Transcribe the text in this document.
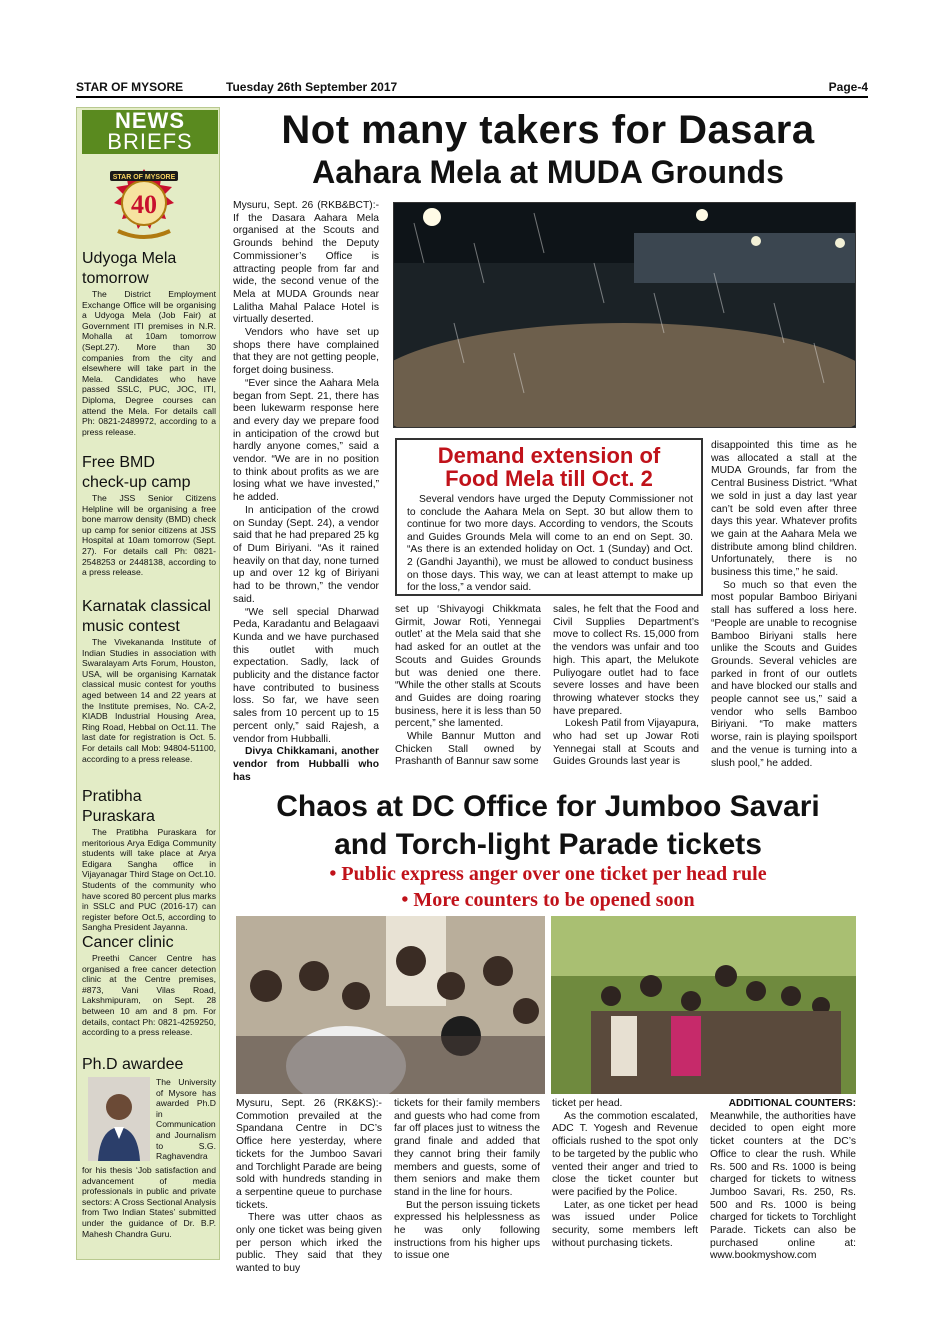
STAR OF MYSORE	Tuesday 26th September 2017	Page-4
NEWS
BRIEFS
STAR OF MYSORE
40
Udyoga Mela tomorrow
The District Employment Exchange Office will be organising a Udyoga Mela (Job Fair) at Government ITI premises in N.R. Mohalla at 10am tomorrow (Sept.27). More than 30 companies from the city and elsewhere will take part in the Mela. Candidates who have passed SSLC, PUC, JOC, ITI, Diploma, Degree courses can attend the Mela. For details call Ph: 0821-2489972, according to a press release.
Free BMD check-up camp
The JSS Senior Citizens Helpline will be organising a free bone marrow density (BMD) check up camp for senior citizens at JSS Hospital at 10am tomorrow (Sept. 27). For details call Ph: 0821-2548253 or 2448138, according to a press release.
Karnatak classical music contest
The Vivekananda Institute of Indian Studies in association with Swaralayam Arts Forum, Houston, USA, will be organising Karnatak classical music contest for youths aged between 14 and 22 years at the Institute premises, No. CA-2, KIADB Industrial Housing Area, Ring Road, Hebbal on Oct.11. The last date for registration is Oct. 5. For details call Mob: 94804-51100, according to a press release.
Pratibha Puraskara
The Pratibha Puraskara for meritorious Arya Ediga Community students will take place at Arya Edigara Sangha office in Vijayanagar Third Stage on Oct.10. Students of the community who have scored 80 percent plus marks in SSLC and PUC (2016-17) can register before Oct.5, according to Sangha President Jayanna.
Cancer clinic
Preethi Cancer Centre has organised a free cancer detection clinic at the Centre premises, #873, Vani Vilas Road, Lakshmipuram, on Sept. 28 between 10 am and 8 pm. For details, contact Ph: 0821-4259250, according to a press release.
Ph.D awardee
The University of Mysore has awarded Ph.D in Communication and Journalism to S.G. Raghavendra
for his thesis ‘Job satisfaction and advancement of media professionals in public and private sectors: A Cross Sectional Analysis from Two Indian States’ submitted under the guidance of Dr. B.P. Mahesh Chandra Guru.
Not many takers for Dasara
Aahara Mela at MUDA Grounds

Mysuru, Sept. 26 (RKB&BCT):- If the Dasara Aahara Mela organised at the Scouts and Grounds behind the Deputy Commissioner’s Office is attracting people from far and wide, the second venue of the Mela at MUDA Grounds near Lalitha Mahal Palace Hotel is virtually deserted.

Vendors who have set up shops there have complained that they are not getting people, forget doing business.

“Ever since the Aahara Mela began from Sept. 21, there has been lukewarm response here and every day we prepare food in anticipation of the crowd but hardly anyone comes,” said a vendor. “We are in no position to think about profits as we are losing what we have invested,” he added.

In anticipation of the crowd on Sunday (Sept. 24), a vendor said that he had prepared 25 kg of Dum Biriyani. “As it rained heavily on that day, none turned up and over 12 kg of Biriyani had to be thrown,” the vendor said.

“We sell special Dharwad Peda, Karadantu and Belagaavi Kunda and we have purchased this outlet with much expectation. Sadly, lack of publicity and the distance factor have contributed to business loss. So far, we have seen sales from 10 percent up to 15 percent only,” said Rajesh, a vendor from Hubballi.

Divya Chikkamani, another vendor from Hubballi who has

Demand extension of
Food Mela till Oct. 2
Several vendors have urged the Deputy Commissioner not to conclude the Aahara Mela on Sept. 30 but allow them to continue for two more days. According to vendors, the Scouts and Guides Grounds Mela will come to an end on Sept. 30. “As there is an extended holiday on Oct. 1 (Sunday) and Oct. 2 (Gandhi Jayanthi), we must be allowed to conduct business on those days. This way, we can at least attempt to make up for the loss,” a vendor said.

set up ‘Shivayogi Chikkmata Girmit, Jowar Roti, Yennegai outlet’ at the Mela said that she had asked for an outlet at the Scouts and Guides Grounds but was denied one there. “While the other stalls at Scouts and Guides are doing roaring business, here it is less than 50 percent,” she lamented.

While Bannur Mutton and Chicken Stall owned by Prashanth of Bannur saw some

sales, he felt that the Food and Civil Supplies Department’s move to collect Rs. 15,000 from the vendors was unfair and too high. This apart, the Melukote Puliyogare outlet had to face severe losses and have been throwing whatever stocks they have prepared.

Lokesh Patil from Vijayapura, who had set up Jowar Roti Yennegai stall at Scouts and Guides Grounds last year is

disappointed this time as he was allocated a stall at the MUDA Grounds, far from the Central Business District. “What we sold in just a day last year can’t be sold even after three days this year. Whatever profits we gain at the Aahara Mela we distribute among blind children. Unfortunately, there is no business this time,” he said.

So much so that even the most popular Bamboo Biriyani stall has suffered a loss here. “People are unable to recognise Bamboo Biriyani stalls here unlike the Scouts and Guides Grounds. Several vehicles are parked in front of our outlets and have blocked our stalls and people cannot see us,” said a vendor who sells Bamboo Biriyani. “To make matters worse, rain is playing spoilsport and the venue is turning into a slush pool,” he added.

Chaos at DC Office for Jumboo Savari
and Torch-light Parade tickets
• Public express anger over one ticket per head rule
• More counters to be opened soon

Mysuru, Sept. 26 (RK&KS):- Commotion prevailed at the Spandana Centre in DC’s Office here yesterday, where tickets for the Jumboo Savari and Torchlight Parade are being sold with hundreds standing in a serpentine queue to purchase tickets.

There was utter chaos as only one ticket was being given per person which irked the public. They said that they wanted to buy

tickets for their family members and guests who had come from far off places just to witness the grand finale and added that they cannot bring their family members and guests, some of them seniors and make them stand in the line for hours.

But the person issuing tickets expressed his helplessness as he was only following instructions from his higher ups to issue one

ticket per head.

As the commotion escalated, ADC T. Yogesh and Revenue officials rushed to the spot only to be targeted by the public who vented their anger and tried to close the ticket counter but were pacified by the Police.

Later, as one ticket per head was issued under Police security, some members left without purchasing tickets.

ADDITIONAL COUNTERS:

Meanwhile, the authorities have decided to open eight more ticket counters at the DC’s Office to clear the rush. While Rs. 500 and Rs. 1000 is being charged for tickets to witness Jumboo Savari, Rs. 250, Rs. 500 and Rs. 1000 is being charged for tickets to Torchlight Parade. Tickets can also be purchased online at: www.bookmyshow.com
